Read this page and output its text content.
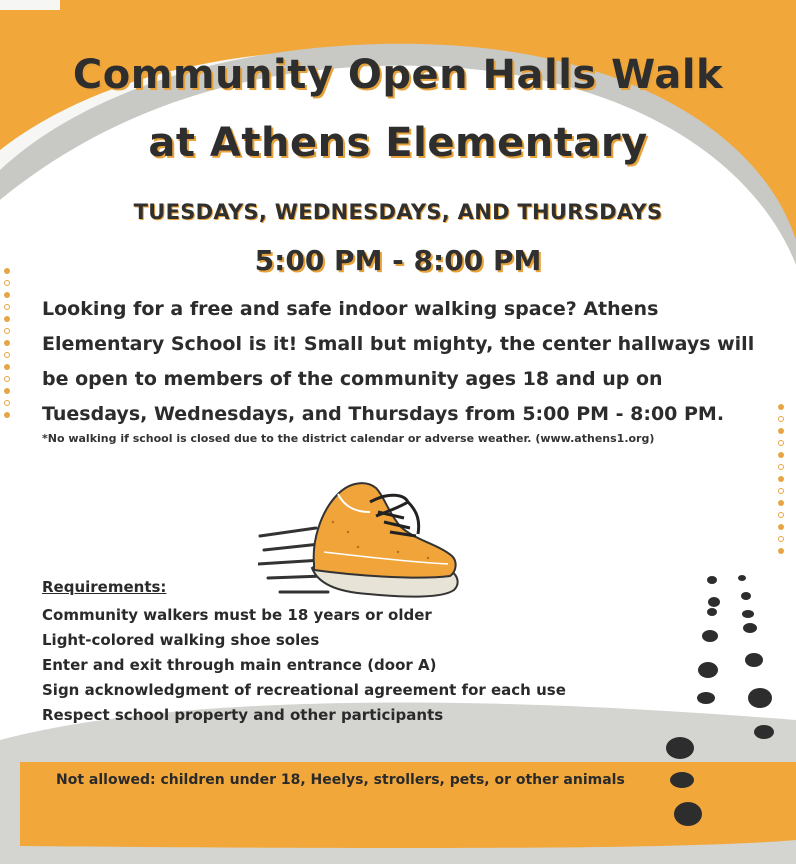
Community Open Halls Walk
at Athens Elementary
TUESDAYS, WEDNESDAYS, AND THURSDAYS
5:00 PM - 8:00 PM
Looking for a free and safe indoor walking space? Athens
Elementary School is it! Small but mighty, the center hallways will
be open to members of the community ages 18 and up on
Tuesdays, Wednesdays, and Thursdays from 5:00 PM - 8:00 PM.
*No walking if school is closed due to the district calendar or adverse weather. (www.athens1.org)
Requirements:
Community walkers must be 18 years or older
Light-colored walking shoe soles
Enter and exit through main entrance (door A)
Sign acknowledgment of recreational agreement for each use
Respect school property and other participants
Not allowed: children under 18, Heelys, strollers, pets, or other animals
